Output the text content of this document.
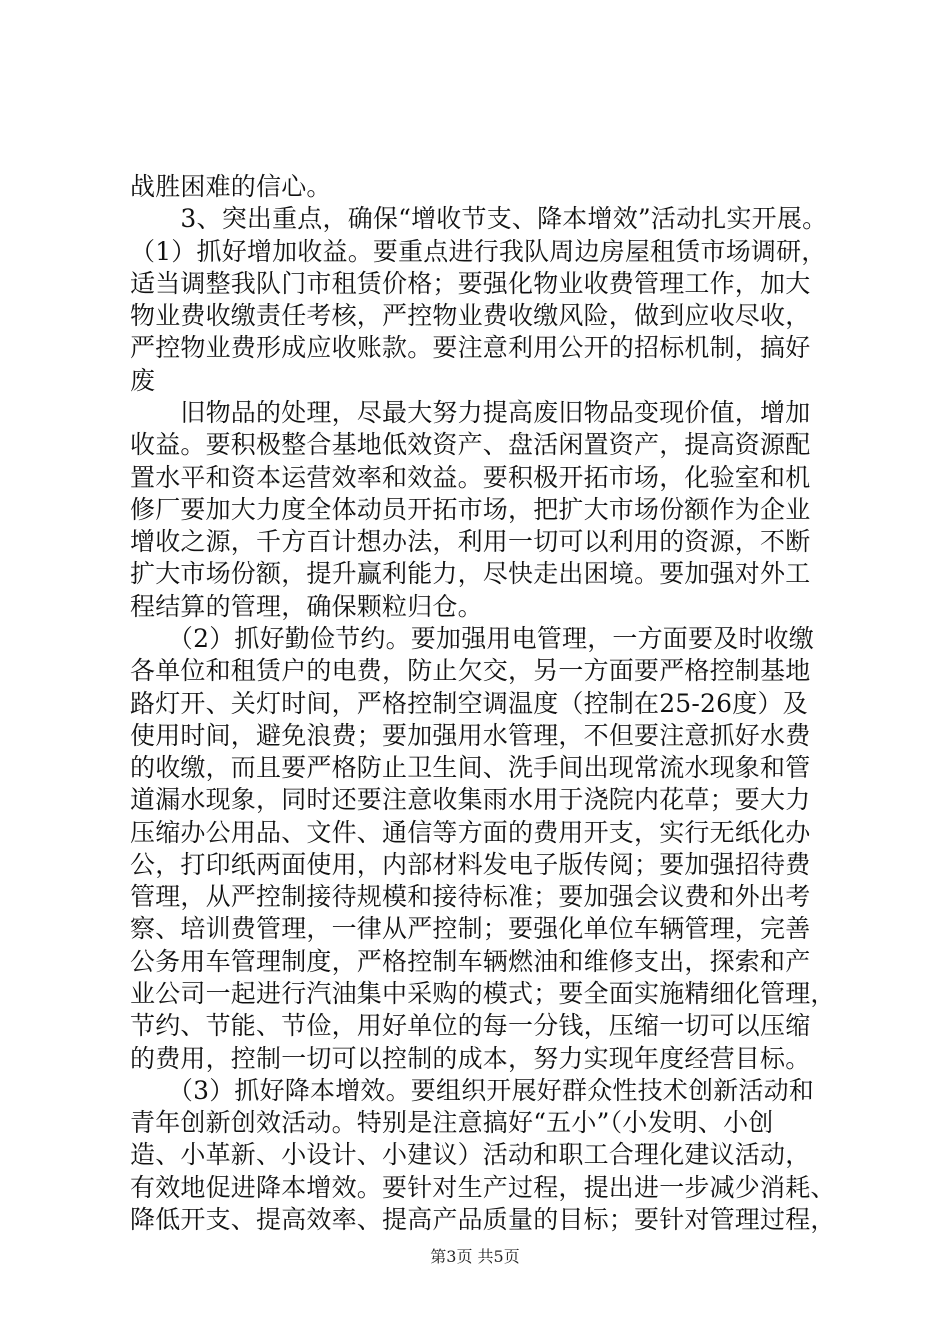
战胜困难的信心。
　　3、突出重点，确保“增收节支、降本增效”活动扎实开展。
（1）抓好增加收益。要重点进行我队周边房屋租赁市场调研，
适当调整我队门市租赁价格；要强化物业收费管理工作，加大
物业费收缴责任考核，严控物业费收缴风险，做到应收尽收，
严控物业费形成应收账款。要注意利用公开的招标机制，搞好
废
　　旧物品的处理，尽最大努力提高废旧物品变现价值，增加
收益。要积极整合基地低效资产、盘活闲置资产，提高资源配
置水平和资本运营效率和效益。要积极开拓市场，化验室和机
修厂要加大力度全体动员开拓市场，把扩大市场份额作为企业
增收之源，千方百计想办法，利用一切可以利用的资源，不断
扩大市场份额，提升赢利能力，尽快走出困境。要加强对外工
程结算的管理，确保颗粒归仓。
　　（2）抓好勤俭节约。要加强用电管理，一方面要及时收缴
各单位和租赁户的电费，防止欠交，另一方面要严格控制基地
路灯开、关灯时间，严格控制空调温度（控制在25-26度）及
使用时间，避免浪费；要加强用水管理，不但要注意抓好水费
的收缴，而且要严格防止卫生间、洗手间出现常流水现象和管
道漏水现象，同时还要注意收集雨水用于浇院内花草；要大力
压缩办公用品、文件、通信等方面的费用开支，实行无纸化办
公，打印纸两面使用，内部材料发电子版传阅；要加强招待费
管理，从严控制接待规模和接待标准；要加强会议费和外出考
察、培训费管理，一律从严控制；要强化单位车辆管理，完善
公务用车管理制度，严格控制车辆燃油和维修支出，探索和产
业公司一起进行汽油集中采购的模式；要全面实施精细化管理，
节约、节能、节俭，用好单位的每一分钱，压缩一切可以压缩
的费用，控制一切可以控制的成本，努力实现年度经营目标。
　　（3）抓好降本增效。要组织开展好群众性技术创新活动和
青年创新创效活动。特别是注意搞好“五小”（小发明、小创
造、小革新、小设计、小建议）活动和职工合理化建议活动，
有效地促进降本增效。要针对生产过程，提出进一步减少消耗、
降低开支、提高效率、提高产品质量的目标；要针对管理过程，
第3页 共5页
